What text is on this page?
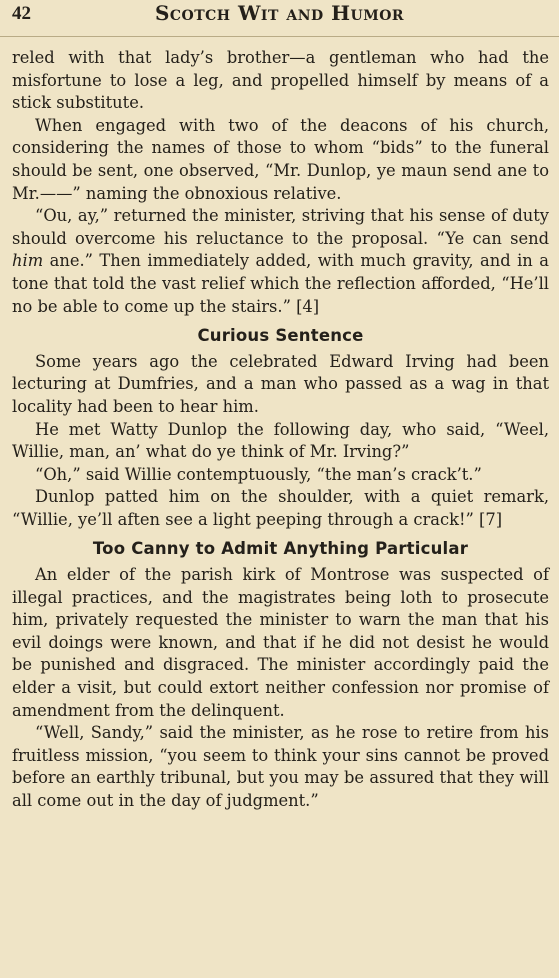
42	Scotch Wit and Humor

reled with that lady’s brother—a gentleman who had the misfortune to lose a leg, and propelled himself by means of a stick substitute.

When engaged with two of the deacons of his church, considering the names of those to whom “bids” to the funeral should be sent, one observed, “Mr. Dunlop, ye maun send ane to Mr.——” naming the obnoxious relative.

“Ou, ay,” returned the minister, striving that his sense of duty should overcome his reluctance to the proposal. “Ye can send him ane.” Then immediately added, with much gravity, and in a tone that told the vast relief which the reflection afforded, “He’ll no be able to come up the stairs.” [4]

Curious Sentence

Some years ago the celebrated Edward Irving had been lecturing at Dumfries, and a man who passed as a wag in that locality had been to hear him.

He met Watty Dunlop the following day, who said, “Weel, Willie, man, an’ what do ye think of Mr. Irving?”

“Oh,” said Willie contemptuously, “the man’s crack’t.”

Dunlop patted him on the shoulder, with a quiet remark, “Willie, ye’ll aften see a light peeping through a crack!” [7]

Too Canny to Admit Anything Particular

An elder of the parish kirk of Montrose was suspected of illegal practices, and the magistrates being loth to prosecute him, privately requested the minister to warn the man that his evil doings were known, and that if he did not desist he would be punished and disgraced. The minister accordingly paid the elder a visit, but could extort neither confession nor promise of amendment from the delinquent.

“Well, Sandy,” said the minister, as he rose to retire from his fruitless mission, “you seem to think your sins cannot be proved before an earthly tribunal, but you may be assured that they will all come out in the day of judgment.”
